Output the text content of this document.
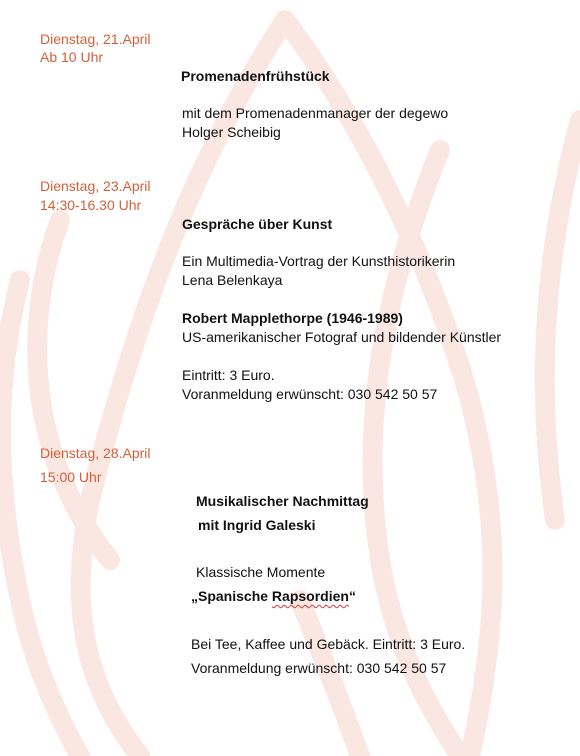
Dienstag, 21.April
Ab 10 Uhr
Promenadenfrühstück
mit dem Promenadenmanager der degewo
Holger Scheibig
Dienstag, 23.April
14:30-16.30 Uhr
Gespräche über Kunst
Ein Multimedia-Vortrag der Kunsthistorikerin
Lena Belenkaya
Robert Mapplethorpe (1946-1989)
US-amerikanischer Fotograf und bildender Künstler
Eintritt: 3 Euro.
Voranmeldung erwünscht: 030 542 50 57
Dienstag, 28.April
15:00 Uhr
Musikalischer Nachmittag
mit Ingrid Galeski
Klassische Momente
„Spanische Rapsordien“
Bei Tee, Kaffee und Gebäck. Eintritt: 3 Euro.
Voranmeldung erwünscht: 030 542 50 57
